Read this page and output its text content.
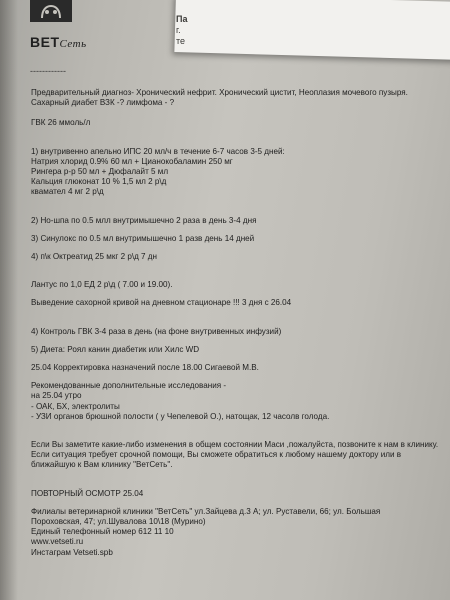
ВЕТСеть
Па
г.
те
------------
Предварительный диагноз- Хронический нефрит. Хронический цистит, Неоплазия мочевого пузыря. Сахарный диабет ВЗК -? лимфома - ?
ГВК 26 ммоль/л
1) внутривенно апельно ИПС 20 мл/ч в течение 6-7 часов 3-5 дней:
Натрия хлорид 0.9% 60 мл + Цианокобаламин 250 мг
Рингера р-р 50 мл + Дюфалайт 5 мл
Кальция глюконат 10 % 1,5 мл 2 р\д
квамател 4 мг 2 р\д
2) Но-шпа по 0.5 млл внутримышечно 2 раза в день 3-4 дня
3) Синулокс по 0.5 мл внутримышечно 1 разв день 14 дней
4) п\к Октреатид 25 мкг 2 р\д 7 дн
Лантус по 1,0 ЕД 2 р\д ( 7.00 и 19.00).
Выведение сахорной кривой на дневном стационаре !!! 3 дня с 26.04
4) Контроль ГВК 3-4 раза в день (на фоне внутривенных инфузий)
5) Диета: Роял канин диабетик или Хилс WD
25.04 Корректировка назначений после 18.00 Сигаевой М.В.
Рекомендованные дополнительные исследования -
на 25.04 утро
- ОАК, БХ, электролиты
- УЗИ органов брюшной полости ( у Чепелевой О.), натощак, 12 часолв голода.
Если Вы заметите какие-либо изменения в общем состоянии Маси ,пожалуйста, позвоните к нам в клинику. Если ситуация требует срочной помощи, Вы сможете обратиться к любому нашему доктору или в ближайшую к Вам клинику "ВетСеть".
ПОВТОРНЫЙ ОСМОТР 25.04
Филиалы ветеринарной клиники "ВетСеть" ул.Зайцева д.3 А; ул. Руставели, 66; ул. Большая
Пороховская, 47; ул.Шувалова 10\18 (Мурино)
Единый телефонный номер 612 11 10
www.vetseti.ru
Инстаграм Vetseti.spb
